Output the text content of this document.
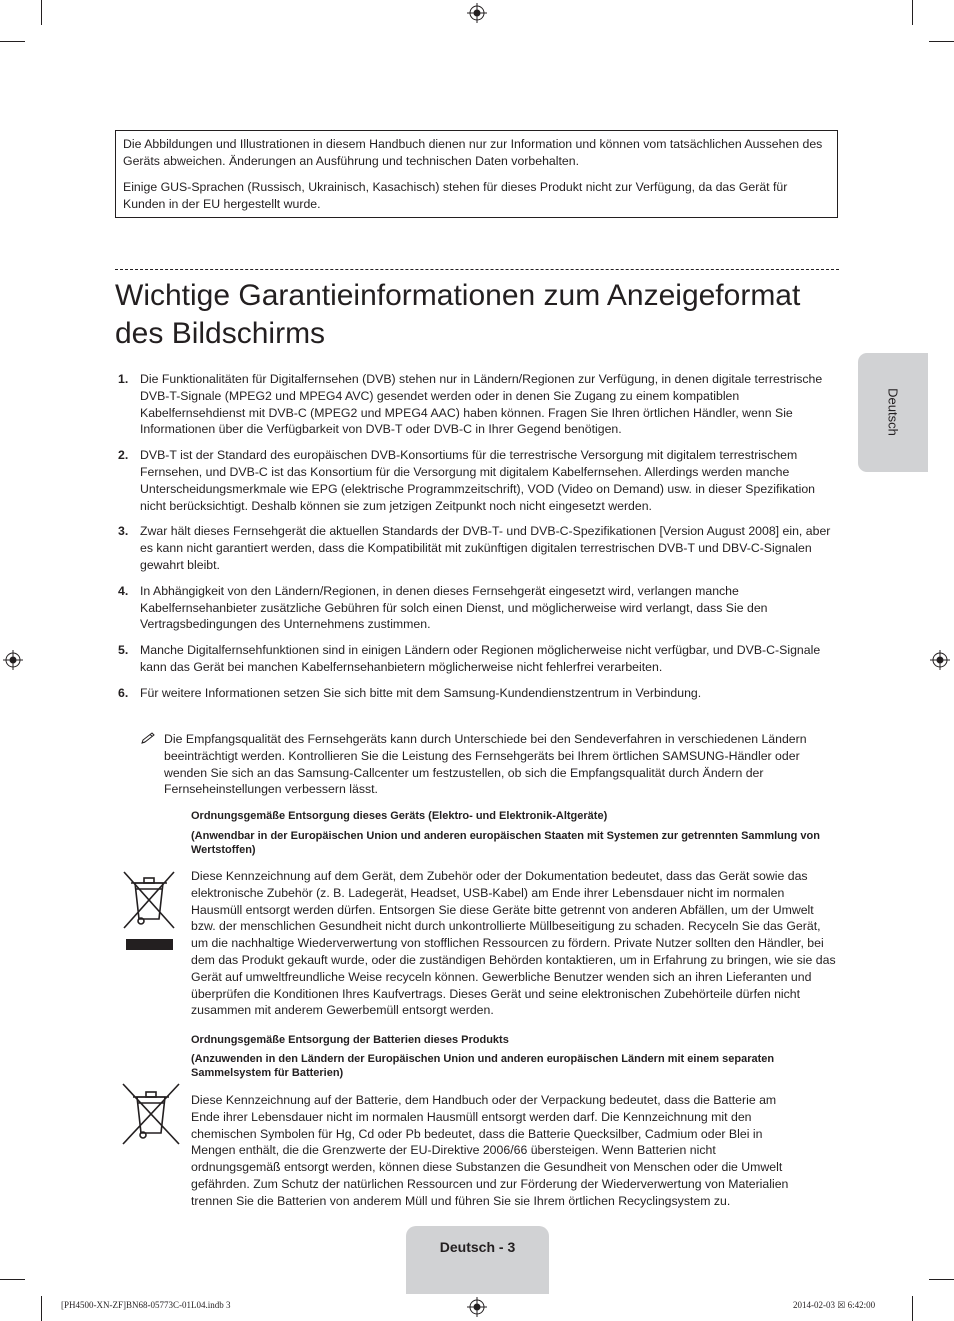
Die Abbildungen und Illustrationen in diesem Handbuch dienen nur zur Information und können vom tatsächlichen Aussehen des Geräts abweichen. Änderungen an Ausführung und technischen Daten vorbehalten.

Einige GUS-Sprachen (Russisch, Ukrainisch, Kasachisch) stehen für dieses Produkt nicht zur Verfügung, da das Gerät für Kunden in der EU hergestellt wurde.

Wichtige Garantieinformationen zum Anzeigeformat des Bildschirms
Deutsch
1. Die Funktionalitäten für Digitalfernsehen (DVB) stehen nur in Ländern/Regionen zur Verfügung, in denen digitale terrestrische DVB-T-Signale (MPEG2 und MPEG4 AVC) gesendet werden oder in denen Sie Zugang zu einem kompatiblen Kabelfernsehdienst mit DVB-C (MPEG2 und MPEG4 AAC) haben können. Fragen Sie Ihren örtlichen Händler, wenn Sie Informationen über die Verfügbarkeit von DVB-T oder DVB-C in Ihrer Gegend benötigen.
2. DVB-T ist der Standard des europäischen DVB-Konsortiums für die terrestrische Versorgung mit digitalem terrestrischem Fernsehen, und DVB-C ist das Konsortium für die Versorgung mit digitalem Kabelfernsehen. Allerdings werden manche Unterscheidungsmerkmale wie EPG (elektrische Programmzeitschrift), VOD (Video on Demand) usw. in dieser Spezifikation nicht berücksichtigt. Deshalb können sie zum jetzigen Zeitpunkt noch nicht eingesetzt werden.
3. Zwar hält dieses Fernsehgerät die aktuellen Standards der DVB-T- und DVB-C-Spezifikationen [Version August 2008] ein, aber es kann nicht garantiert werden, dass die Kompatibilität mit zukünftigen digitalen terrestrischen DVB-T und DBV-C-Signalen gewahrt bleibt.
4. In Abhängigkeit von den Ländern/Regionen, in denen dieses Fernsehgerät eingesetzt wird, verlangen manche Kabelfernsehanbieter zusätzliche Gebühren für solch einen Dienst, und möglicherweise wird verlangt, dass Sie den Vertragsbedingungen des Unternehmens zustimmen.
5. Manche Digitalfernsehfunktionen sind in einigen Ländern oder Regionen möglicherweise nicht verfügbar, und DVB-C-Signale kann das Gerät bei manchen Kabelfernsehanbietern möglicherweise nicht fehlerfrei verarbeiten.
6. Für weitere Informationen setzen Sie sich bitte mit dem Samsung-Kundendienstzentrum in Verbindung.
Die Empfangsqualität des Fernsehgeräts kann durch Unterschiede bei den Sendeverfahren in verschiedenen Ländern beeinträchtigt werden. Kontrollieren Sie die Leistung des Fernsehgeräts bei Ihrem örtlichen SAMSUNG-Händler oder wenden Sie sich an das Samsung-Callcenter um festzustellen, ob sich die Empfangsqualität durch Ändern der Fernseheinstellungen verbessern lässt.
Ordnungsgemäße Entsorgung dieses Geräts (Elektro- und Elektronik-Altgeräte)
(Anwendbar in der Europäischen Union und anderen europäischen Staaten mit Systemen zur getrennten Sammlung von Wertstoffen)
Diese Kennzeichnung auf dem Gerät, dem Zubehör oder der Dokumentation bedeutet, dass das Gerät sowie das elektronische Zubehör (z. B. Ladegerät, Headset, USB-Kabel) am Ende ihrer Lebensdauer nicht im normalen Hausmüll entsorgt werden dürfen. Entsorgen Sie diese Geräte bitte getrennt von anderen Abfällen, um der Umwelt bzw. der menschlichen Gesundheit nicht durch unkontrollierte Müllbeseitigung zu schaden. Recyceln Sie das Gerät, um die nachhaltige Wiederverwertung von stofflichen Ressourcen zu fördern. Private Nutzer sollten den Händler, bei dem das Produkt gekauft wurde, oder die zuständigen Behörden kontaktieren, um in Erfahrung zu bringen, wie sie das Gerät auf umweltfreundliche Weise recyceln können. Gewerbliche Benutzer wenden sich an ihren Lieferanten und überprüfen die Konditionen Ihres Kaufvertrags. Dieses Gerät und seine elektronischen Zubehörteile dürfen nicht zusammen mit anderem Gewerbemüll entsorgt werden.
Ordnungsgemäße Entsorgung der Batterien dieses Produkts
(Anzuwenden in den Ländern der Europäischen Union und anderen europäischen Ländern mit einem separaten Sammelsystem für Batterien)
Diese Kennzeichnung auf der Batterie, dem Handbuch oder der Verpackung bedeutet, dass die Batterie am Ende ihrer Lebensdauer nicht im normalen Hausmüll entsorgt werden darf. Die Kennzeichnung mit den chemischen Symbolen für Hg, Cd oder Pb bedeutet, dass die Batterie Quecksilber, Cadmium oder Blei in Mengen enthält, die die Grenzwerte der EU-Direktive 2006/66 übersteigen. Wenn Batterien nicht ordnungsgemäß entsorgt werden, können diese Substanzen die Gesundheit von Menschen oder die Umwelt gefährden. Zum Schutz der natürlichen Ressourcen und zur Förderung der Wiederverwertung von Materialien trennen Sie die Batterien von anderem Müll und führen Sie sie Ihrem örtlichen Recyclingsystem zu.
Deutsch - 3
[PH4500-XN-ZF]BN68-05773C-01L04.indb 3	2014-02-03 ☒ 6:42:00
